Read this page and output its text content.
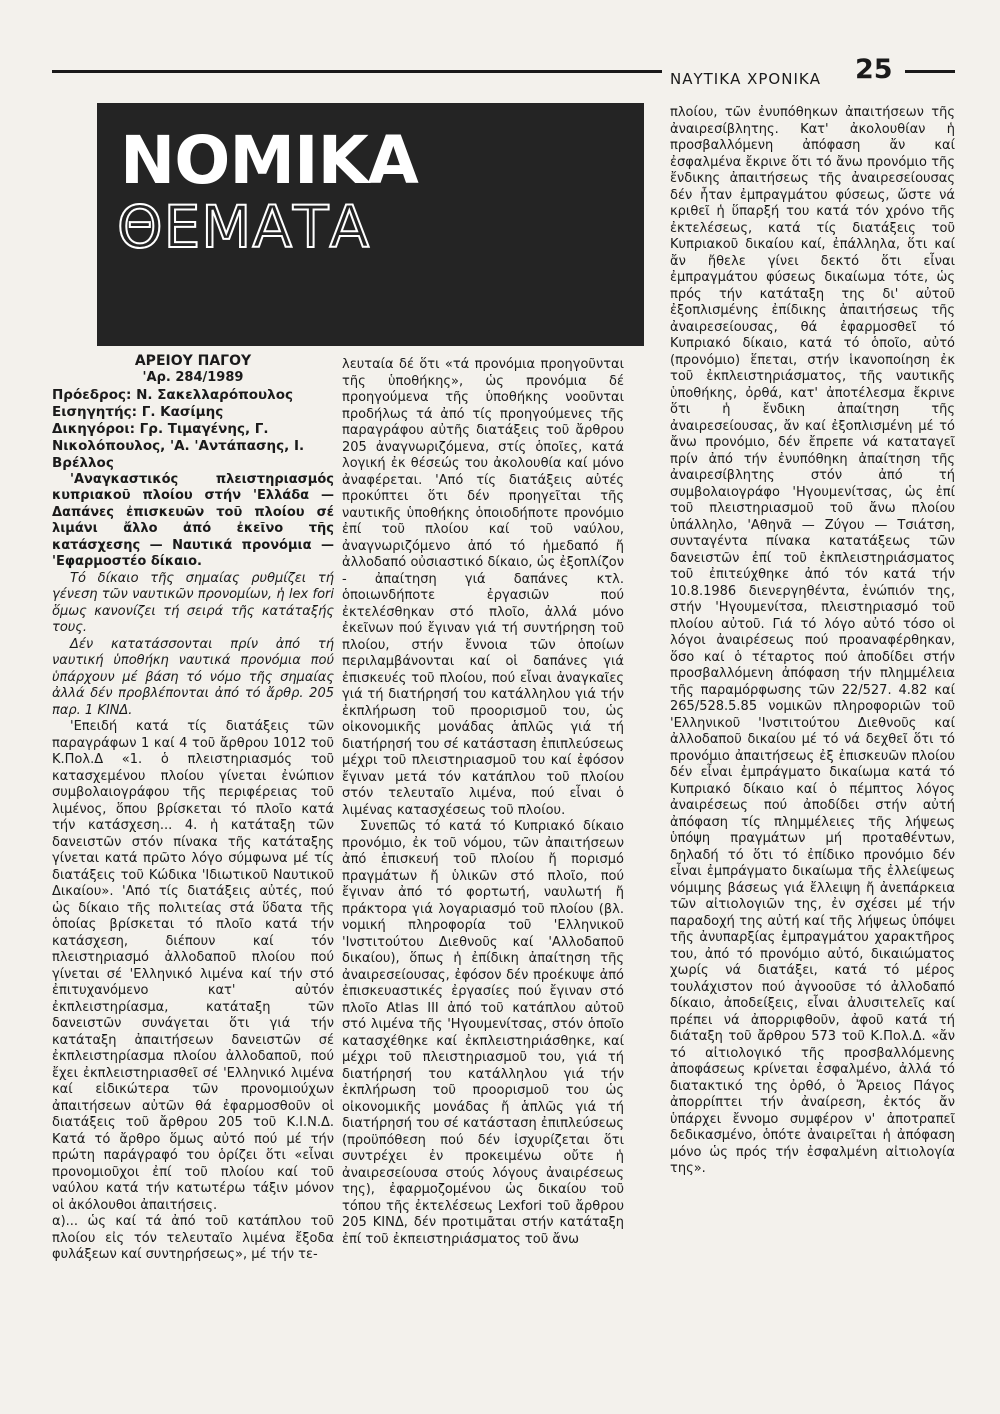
ΝΑΥΤΙΚΑ ΧΡΟΝΙΚΑ 25
NOMIKA
ΘΕΜΑΤΑ

ΑΡΕΙΟΥ ΠΑΓΟΥ

'Αρ. 284/1989

Πρόεδρος: Ν. Σακελλαρόπουλος

Εισηγητής: Γ. Κασίμης

Δικηγόροι: Γρ. Τιμαγένης, Γ. Νικολόπουλος, 'Α. 'Αντάπασης, Ι. Βρέλλος

'Αναγκαστικός πλειστηριασμός κυπριακοῦ πλοίου στήν 'Ελλάδα — Δαπάνες ἐπισκευῶν τοῦ πλοίου σέ λιμάνι ἄλλο ἀπό ἐκεῖνο τῆς κατάσχεσης — Ναυτικά προνόμια — 'Εφαρμοστέο δίκαιο.

Τό δίκαιο τῆς σημαίας ρυθμίζει τή γένεση τῶν ναυτικῶν προνομίων, ἡ lex fori ὅμως κανονίζει τή σειρά τῆς κατάταξής τους.

Δέν κατατάσσονται πρίν ἀπό τή ναυτική ὑποθήκη ναυτικά προνόμια πού ὑπάρχουν μέ βάση τό νόμο τῆς σημαίας ἀλλά δέν προβλέπονται ἀπό τό ἄρθρ. 205 παρ. 1 ΚΙΝΔ.

'Επειδή κατά τίς διατάξεις τῶν παραγράφων 1 καί 4 τοῦ ἄρθρου 1012 τοῦ Κ.Πολ.Δ «1. ὁ πλειστηριασμός τοῦ κατασχεμένου πλοίου γίνεται ἐνώπιον συμβολαιογράφου τῆς περιφέρειας τοῦ λιμένος, ὅπου βρίσκεται τό πλοῖο κατά τήν κατάσχεση... 4. ἡ κατάταξη τῶν δανειστῶν στόν πίνακα τῆς κατάταξης γίνεται κατά πρῶτο λόγο σύμφωνα μέ τίς διατάξεις τοῦ Κώδικα 'Ιδιωτικοῦ Ναυτικοῦ Δικαίου». 'Από τίς διατάξεις αὐτές, πού ὡς δίκαιο τῆς πολιτείας στά ὕδατα τῆς ὁποίας βρίσκεται τό πλοῖο κατά τήν κατάσχεση, διέπουν καί τόν πλειστηριασμό ἀλλοδαποῦ πλοίου πού γίνεται σέ 'Ελληνικό λιμένα καί τήν στό ἐπιτυχανόμενο κατ' αὐτόν ἐκπλειστηρίασμα, κατάταξη τῶν δανειστῶν συνάγεται ὅτι γιά τήν κατάταξη ἀπαιτήσεων δανειστῶν σέ ἐκπλειστηρίασμα πλοίου ἀλλοδαποῦ, πού ἔχει ἐκπλειστηριασθεῖ σέ 'Ελληνικό λιμένα καί εἰδικώτερα τῶν προνομιούχων ἀπαιτήσεων αὐτῶν θά ἐφαρμοσθοῦν οἱ διατάξεις τοῦ ἄρθρου 205 τοῦ Κ.Ι.Ν.Δ. Κατά τό ἄρθρο ὅμως αὐτό πού μέ τήν πρώτη παράγραφό του ὁρίζει ὅτι «εἶναι προνομιοῦχοι ἐπί τοῦ πλοίου καί τοῦ ναύλου κατά τήν κατωτέρω τάξιν μόνον οἱ ἀκόλουθοι ἀπαιτήσεις.

α)... ὡς καί τά ἀπό τοῦ κατάπλου τοῦ πλοίου εἰς τόν τελευταῖο λιμένα ἔξοδα φυλάξεων καί συντηρήσεως», μέ τήν τε-

λευταία δέ ὅτι «τά προνόμια προηγοῦνται τῆς ὑποθήκης», ὡς προνόμια δέ προηγούμενα τῆς ὑποθήκης νοοῦνται προδήλως τά ἀπό τίς προηγούμενες τῆς παραγράφου αὐτῆς διατάξεις τοῦ ἄρθρου 205 ἀναγνωριζόμενα, στίς ὁποῖες, κατά λογική ἐκ θέσεώς του ἀκολουθία καί μόνο ἀναφέρεται. 'Από τίς διατάξεις αὐτές προκύπτει ὅτι δέν προηγεῖται τῆς ναυτικῆς ὑποθήκης ὁποιοδήποτε προνόμιο ἐπί τοῦ πλοίου καί τοῦ ναύλου, ἀναγνωριζόμενο ἀπό τό ἡμεδαπό ἤ ἀλλοδαπό οὐσιαστικό δίκαιο, ὡς ἐξοπλίζον - ἀπαίτηση γιά δαπάνες κτλ. ὁποιωνδήποτε ἐργασιῶν πού ἐκτελέσθηκαν στό πλοῖο, ἀλλά μόνο ἐκεῖνων πού ἔγιναν γιά τή συντήρηση τοῦ πλοίου, στήν ἔννοια τῶν ὁποίων περιλαμβάνονται καί οἱ δαπάνες γιά ἐπισκευές τοῦ πλοίου, πού εἶναι ἀναγκαῖες γιά τή διατήρησή του κατάλληλου γιά τήν ἐκπλήρωση τοῦ προορισμοῦ του, ὡς οἰκονομικῆς μονάδας ἁπλῶς γιά τή διατήρησή του σέ κατάσταση ἐπιπλεύσεως μέχρι τοῦ πλειστηριασμοῦ του καί ἐφόσον ἔγιναν μετά τόν κατάπλου τοῦ πλοίου στόν τελευταῖο λιμένα, πού εἶναι ὁ λιμένας κατασχέσεως τοῦ πλοίου.

Συνεπῶς τό κατά τό Κυπριακό δίκαιο προνόμιο, ἐκ τοῦ νόμου, τῶν ἀπαιτήσεων ἀπό ἐπισκευή τοῦ πλοίου ἤ πορισμό πραγμάτων ἤ ὑλικῶν στό πλοῖο, πού ἔγιναν ἀπό τό φορτωτή, ναυλωτή ἤ πράκτορα γιά λογαριασμό τοῦ πλοίου (βλ. νομική πληροφορία τοῦ 'Ελληνικοῦ 'Ινστιτούτου Διεθνοῦς καί 'Αλλοδαποῦ δικαίου), ὅπως ἡ ἐπίδικη ἀπαίτηση τῆς ἀναιρεσείουσας, ἐφόσον δέν προέκυψε ἀπό ἐπισκευαστικές ἐργασίες πού ἔγιναν στό πλοῖο Atlas III ἀπό τοῦ κατάπλου αὐτοῦ στό λιμένα τῆς 'Ηγουμενίτσας, στόν ὁποῖο κατασχέθηκε καί ἐκπλειστηριάσθηκε, καί μέχρι τοῦ πλειστηριασμοῦ του, γιά τή διατήρησή του κατάλληλου γιά τήν ἐκπλήρωση τοῦ προορισμοῦ του ὡς οἰκονομικῆς μονάδας ἤ ἁπλῶς γιά τή διατήρησή του σέ κατάσταση ἐπιπλεύσεως (προϋπόθεση πού δέν ἰσχυρίζεται ὅτι συντρέχει ἐν προκειμένω οὔτε ἡ ἀναιρεσείουσα στούς λόγους ἀναιρέσεως της), ἐφαρμοζομένου ὡς δικαίου τοῦ τόπου τῆς ἐκτελέσεως Lexfori τοῦ ἄρθρου 205 ΚΙΝΔ, δέν προτιμᾶται στήν κατάταξη ἐπί τοῦ ἐκπειστηριάσματος τοῦ ἄνω

πλοίου, τῶν ἐνυπόθηκων ἀπαιτήσεων τῆς ἀναιρεσίβλητης. Κατ' ἀκολουθίαν ἡ προσβαλλόμενη ἀπόφαση ἄν καί ἐσφαλμένα ἔκρινε ὅτι τό ἄνω προνόμιο τῆς ἔνδικης ἀπαιτήσεως τῆς ἀναιρεσείουσας δέν ἦταν ἐμπραγμάτου φύσεως, ὥστε νά κριθεῖ ἡ ὕπαρξή του κατά τόν χρόνο τῆς ἐκτελέσεως, κατά τίς διατάξεις τοῦ Κυπριακοῦ δικαίου καί, ἐπάλληλα, ὅτι καί ἄν ἤθελε γίνει δεκτό ὅτι εἶναι ἐμπραγμάτου φύσεως δικαίωμα τότε, ὡς πρός τήν κατάταξη της δι' αὐτοῦ ἐξοπλισμένης ἐπίδικης ἀπαιτήσεως τῆς ἀναιρεσείουσας, θά ἐφαρμοσθεῖ τό Κυπριακό δίκαιο, κατά τό ὁποῖο, αὐτό (προνόμιο) ἕπεται, στήν ἱκανοποίηση ἐκ τοῦ ἐκπλειστηριάσματος, τῆς ναυτικῆς ὑποθήκης, ὀρθά, κατ' ἀποτέλεσμα ἔκρινε ὅτι ἡ ἔνδικη ἀπαίτηση τῆς ἀναιρεσείουσας, ἄν καί ἐξοπλισμένη μέ τό ἄνω προνόμιο, δέν ἔπρεπε νά καταταγεῖ πρίν ἀπό τήν ἐνυπόθηκη ἀπαίτηση τῆς ἀναιρεσίβλητης στόν ἀπό τή συμβολαιογράφο 'Ηγουμενίτσας, ὡς ἐπί τοῦ πλειστηριασμοῦ τοῦ ἄνω πλοίου ὑπάλληλο, 'Αθηνᾶ — Ζύγου — Τσιάτση, συνταγέντα πίνακα κατατάξεως τῶν δανειστῶν ἐπί τοῦ ἐκπλειστηριάσματος τοῦ ἐπιτεύχθηκε ἀπό τόν κατά τήν 10.8.1986 διενεργηθέντα, ἐνώπιόν της, στήν 'Ηγουμενίτσα, πλειστηριασμό τοῦ πλοίου αὐτοῦ. Γιά τό λόγο αὐτό τόσο οἱ λόγοι ἀναιρέσεως πού προαναφέρθηκαν, ὅσο καί ὁ τέταρτος πού ἀποδίδει στήν προσβαλλόμενη ἀπόφαση τήν πλημμέλεια τῆς παραμόρφωσης τῶν 22/527. 4.82 καί 265/528.5.85 νομικῶν πληροφοριῶν τοῦ 'Ελληνικοῦ 'Ινστιτούτου Διεθνοῦς καί ἀλλοδαποῦ δικαίου μέ τό νά δεχθεῖ ὅτι τό προνόμιο ἀπαιτήσεως ἐξ ἐπισκευῶν πλοίου δέν εἶναι ἐμπράγματο δικαίωμα κατά τό Κυπριακό δίκαιο καί ὁ πέμπτος λόγος ἀναιρέσεως πού ἀποδίδει στήν αὐτή ἀπόφαση τίς πλημμέλειες τῆς λήψεως ὑπόψη πραγμάτων μή προταθέντων, δηλαδή τό ὅτι τό ἐπίδικο προνόμιο δέν εἶναι ἐμπράγματο δικαίωμα τῆς ἐλλείψεως νόμιμης βάσεως γιά ἔλλειψη ἤ ἀνεπάρκεια τῶν αἰτιολογιῶν της, ἐν σχέσει μέ τήν παραδοχή της αὐτή καί τῆς λήψεως ὑπόψει τῆς ἀνυπαρξίας ἐμπραγμάτου χαρακτῆρος του, ἀπό τό προνόμιο αὐτό, δικαιώματος χωρίς νά διατάξει, κατά τό μέρος τουλάχιστον πού ἀγνοοῦσε τό ἀλλοδαπό δίκαιο, ἀποδείξεις, εἶναι ἀλυσιτελεῖς καί πρέπει νά ἀπορριφθοῦν, ἀφοῦ κατά τή διάταξη τοῦ ἄρθρου 573 τοῦ Κ.Πολ.Δ. «ἄν τό αἰτιολογικό τῆς προσβαλλόμενης ἀποφάσεως κρίνεται ἐσφαλμένο, ἀλλά τό διατακτικό της ὀρθό, ὁ Ἄρειος Πάγος ἀπορρίπτει τήν ἀναίρεση, ἐκτός ἄν ὑπάρχει ἔννομο συμφέρον ν' ἀποτραπεῖ δεδικασμένο, ὁπότε ἀναιρεῖται ἡ ἀπόφαση μόνο ὡς πρός τήν ἐσφαλμένη αἰτιολογία της».
